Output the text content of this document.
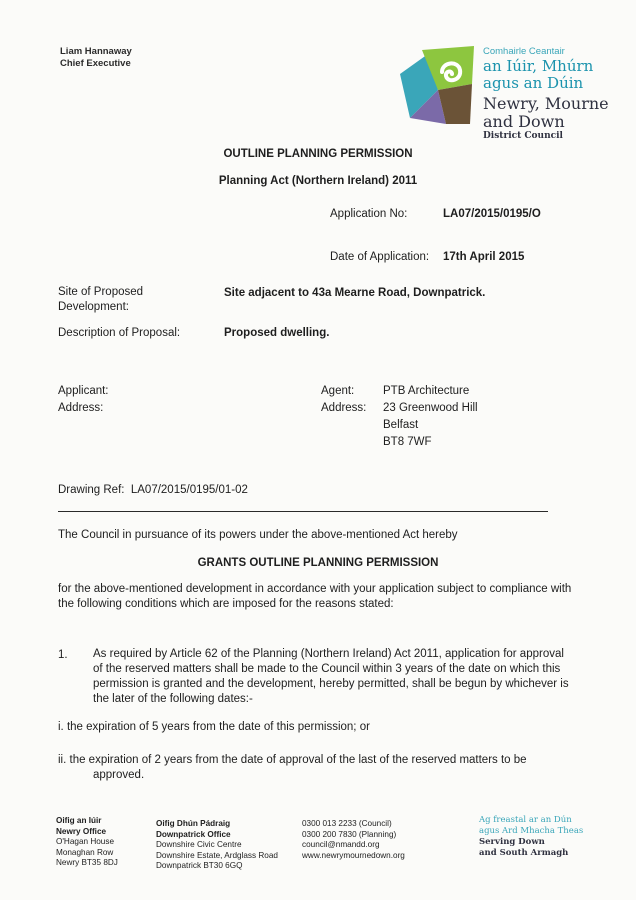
Liam Hannaway
Chief Executive
Comhairle Ceantair
an Iúir, Mhúrn
agus an Dúin
Newry, Mourne
and Down
District Council
OUTLINE PLANNING PERMISSION
Planning Act (Northern Ireland) 2011
Application No:	LA07/2015/0195/O
Date of Application: 17th April 2015
Site of Proposed
Development:
Site adjacent to 43a Mearne Road, Downpatrick.
Description of Proposal:	Proposed dwelling.
Applicant:
Address:
Agent:
Address:
PTB Architecture
23 Greenwood Hill
Belfast
BT8 7WF
Drawing Ref: LA07/2015/0195/01-02
The Council in pursuance of its powers under the above-mentioned Act hereby
GRANTS OUTLINE PLANNING PERMISSION
for the above-mentioned development in accordance with your application subject to compliance with
the following conditions which are imposed for the reasons stated:
1. As required by Article 62 of the Planning (Northern Ireland) Act 2011, application for approval
of the reserved matters shall be made to the Council within 3 years of the date on which this
permission is granted and the development, hereby permitted, shall be begun by whichever is
the later of the following dates:-
i. the expiration of 5 years from the date of this permission; or
ii. the expiration of 2 years from the date of approval of the last of the reserved matters to be
approved.
Oifig an Iúir
Newry Office
O'Hagan House
Monaghan Row
Newry BT35 8DJ
Oifig Dhún Pádraig
Downpatrick Office
Downshire Civic Centre
Downshire Estate, Ardglass Road
Downpatrick BT30 6GQ
0300 013 2233 (Council)
0300 200 7830 (Planning)
council@nmandd.org
www.newrymournedown.org
Ag freastal ar an Dún
agus Ard Mhacha Theas
Serving Down
and South Armagh
